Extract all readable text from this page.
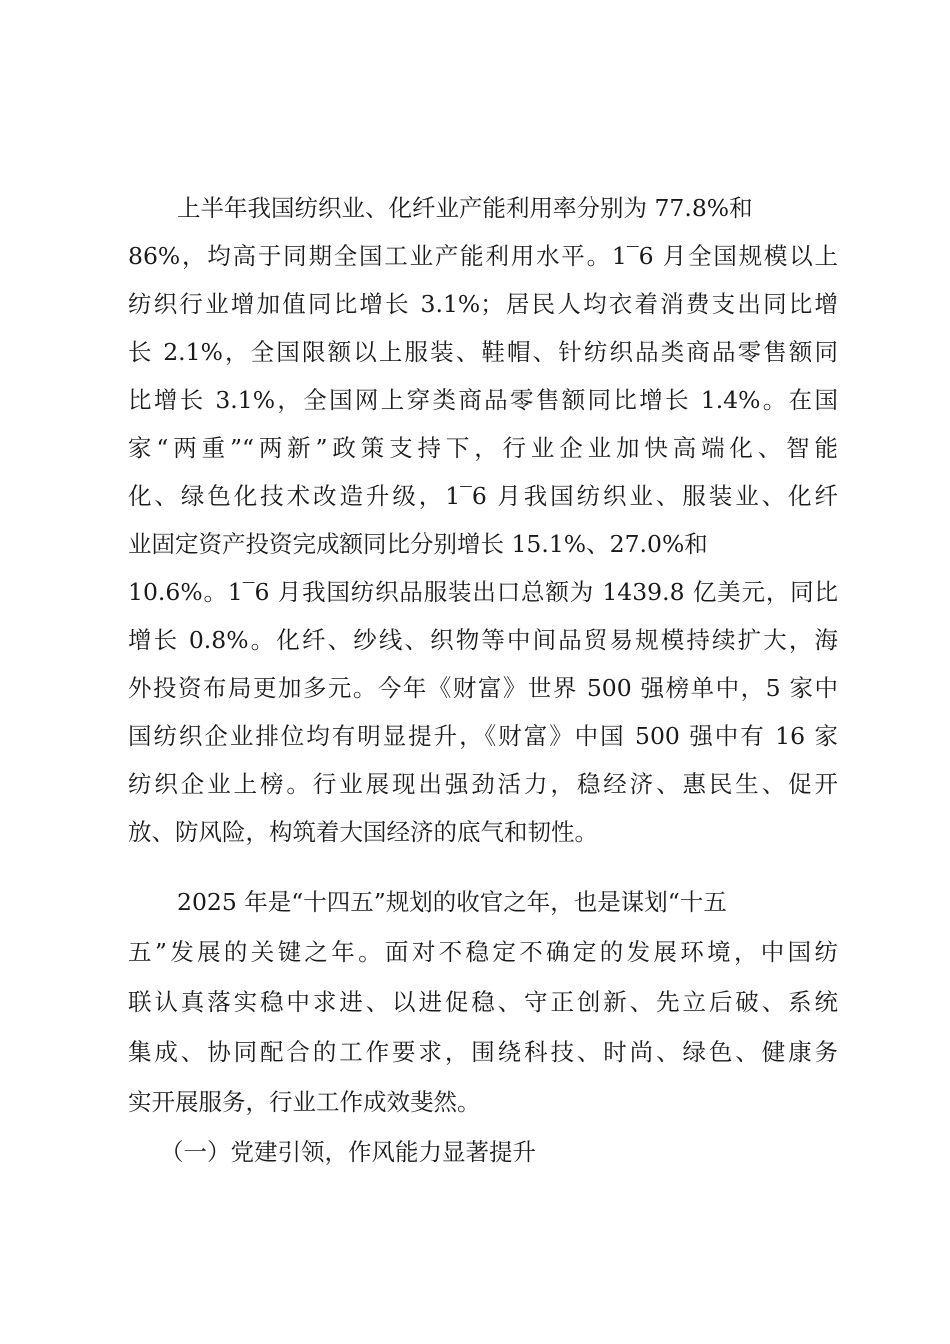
上半年我国纺织业、化纤业产能利用率分别为 77.8%和
86%，均高于同期全国工业产能利用水平。1‾6 月全国规模以上
纺织行业增加值同比增长 3.1%；居民人均衣着消费支出同比增
长 2.1%，全国限额以上服装、鞋帽、针纺织品类商品零售额同
比增长 3.1%，全国网上穿类商品零售额同比增长 1.4%。在国
家“两重”“两新”政策支持下，行业企业加快高端化、智能
化、绿色化技术改造升级，1‾6 月我国纺织业、服装业、化纤
业固定资产投资完成额同比分别增长 15.1%、27.0%和
10.6%。1‾6 月我国纺织品服装出口总额为 1439.8 亿美元，同比
增长 0.8%。化纤、纱线、织物等中间品贸易规模持续扩大，海
外投资布局更加多元。今年《财富》世界 500 强榜单中，5 家中
国纺织企业排位均有明显提升，《财富》中国 500 强中有 16 家
纺织企业上榜。行业展现出强劲活力，稳经济、惠民生、促开
放、防风险，构筑着大国经济的底气和韧性。
2025 年是“十四五”规划的收官之年，也是谋划“十五
五”发展的关键之年。面对不稳定不确定的发展环境，中国纺
联认真落实稳中求进、以进促稳、守正创新、先立后破、系统
集成、协同配合的工作要求，围绕科技、时尚、绿色、健康务
实开展服务，行业工作成效斐然。
（一）党建引领，作风能力显著提升
